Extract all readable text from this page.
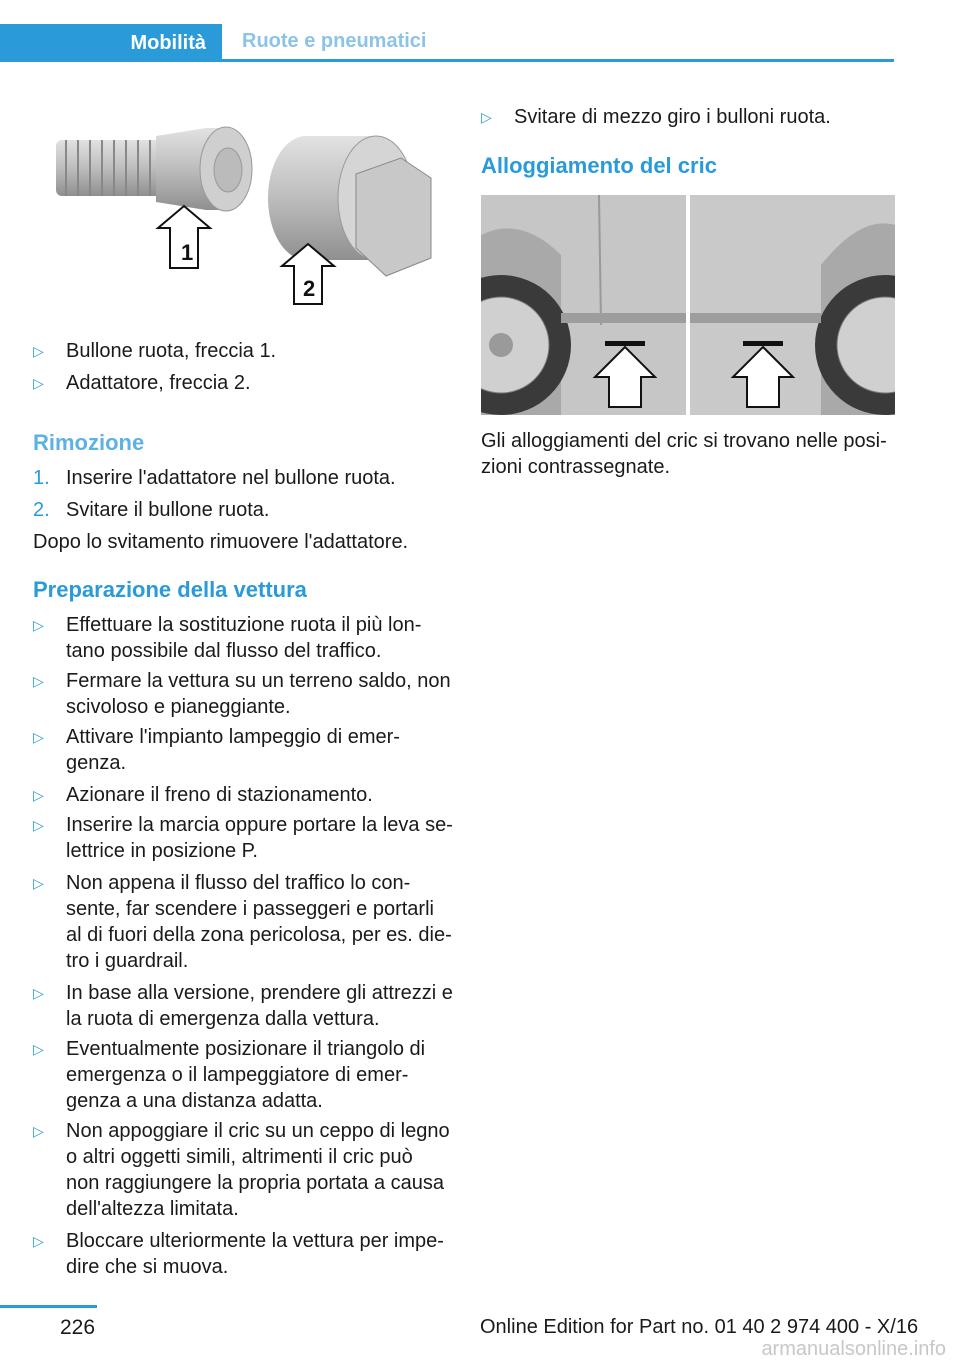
Mobilità	Ruote e pneumatici
1
2
▷	Bullone ruota, freccia 1.
▷	Adattatore, freccia 2.
Rimozione
1. Inserire l'adattatore nel bullone ruota.
2. Svitare il bullone ruota.
Dopo lo svitamento rimuovere l'adattatore.
Preparazione della vettura
▷	Effettuare la sostituzione ruota il più lon-
tano possibile dal flusso del traffico.
▷	Fermare la vettura su un terreno saldo, non
scivoloso e pianeggiante.
▷	Attivare l'impianto lampeggio di emer-
genza.
▷	Azionare il freno di stazionamento.
▷	Inserire la marcia oppure portare la leva se-
lettrice in posizione P.
▷	Non appena il flusso del traffico lo con-
sente, far scendere i passeggeri e portarli
al di fuori della zona pericolosa, per es. die-
tro i guardrail.
▷	In base alla versione, prendere gli attrezzi e
la ruota di emergenza dalla vettura.
▷	Eventualmente posizionare il triangolo di
emergenza o il lampeggiatore di emer-
genza a una distanza adatta.
▷	Non appoggiare il cric su un ceppo di legno
o altri oggetti simili, altrimenti il cric può
non raggiungere la propria portata a causa
dell'altezza limitata.
▷	Bloccare ulteriormente la vettura per impe-
dire che si muova.
▷	Svitare di mezzo giro i bulloni ruota.
Alloggiamento del cric
Gli alloggiamenti del cric si trovano nelle posi-
zioni contrassegnate.
226	Online Edition for Part no. 01 40 2 974 400 - X/16
armanualsonline.info
